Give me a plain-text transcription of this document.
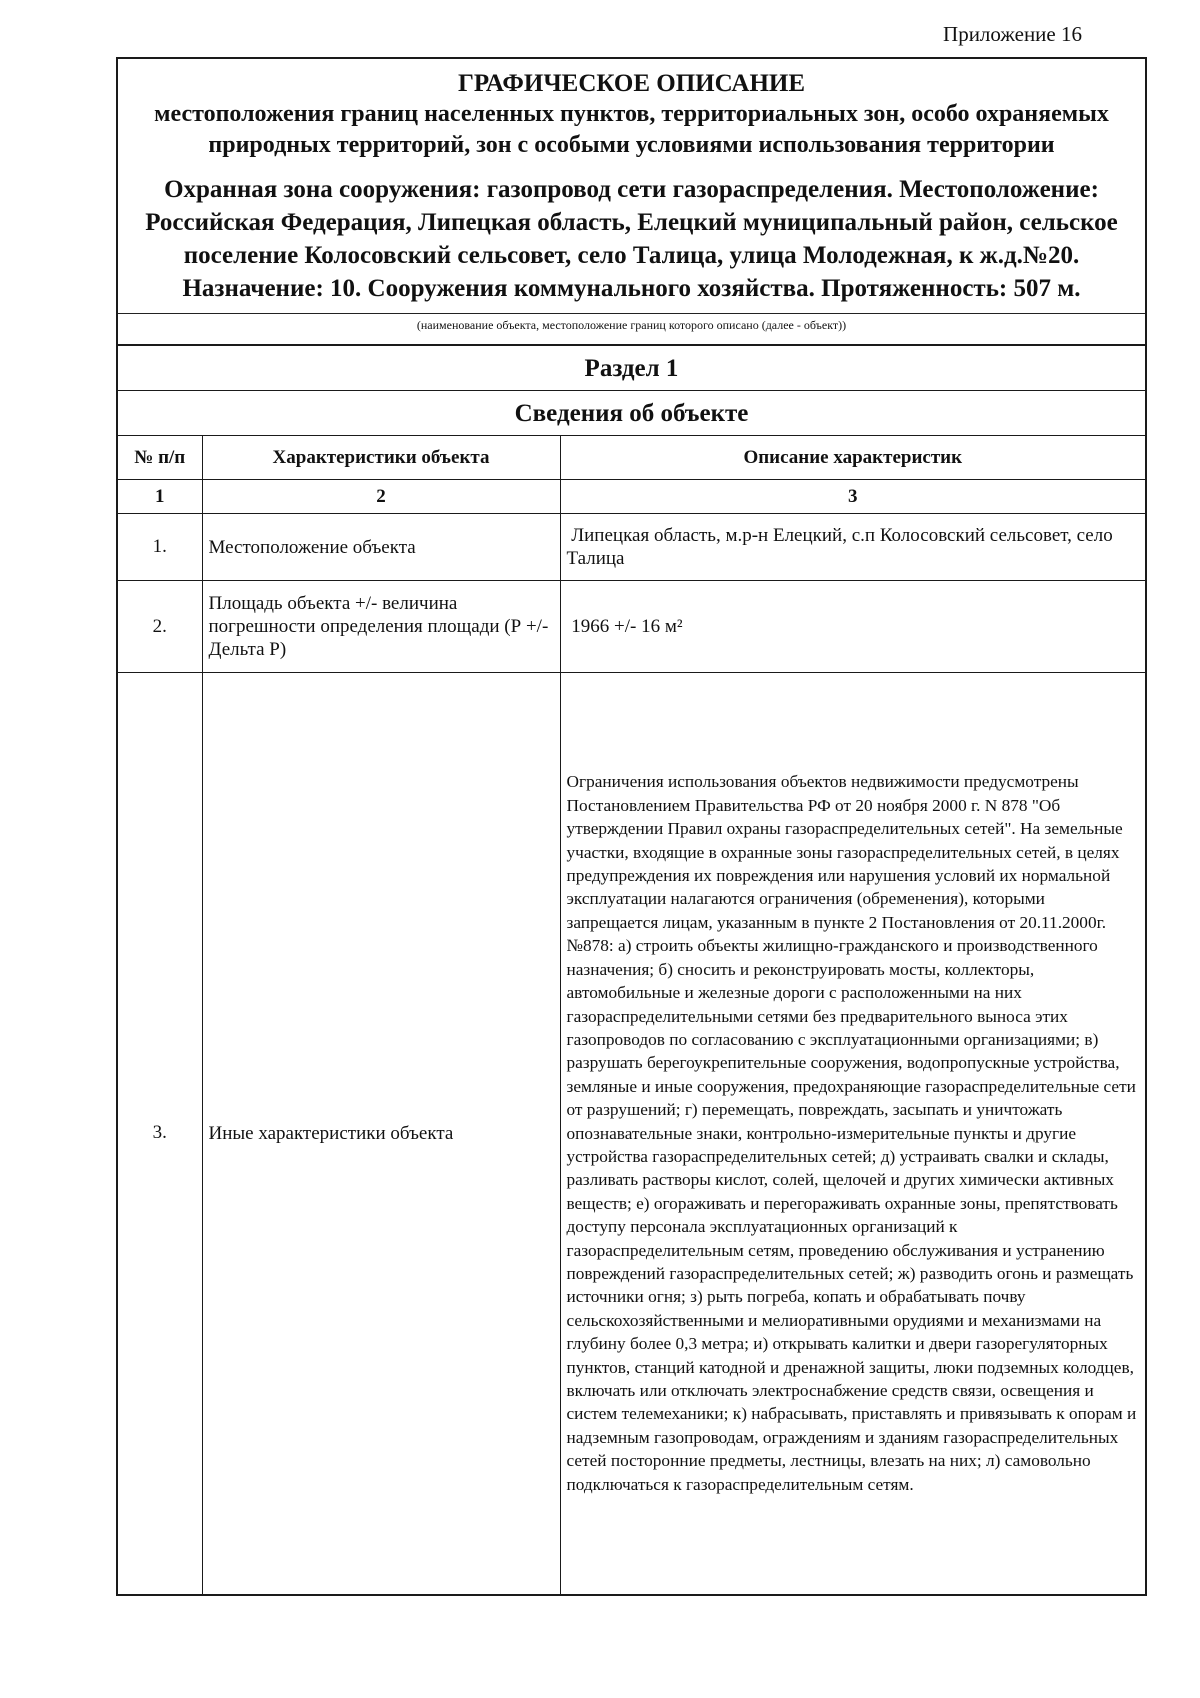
Приложение 16

ГРАФИЧЕСКОЕ ОПИСАНИЕ

местоположения границ населенных пунктов, территориальных зон, особо охраняемых природных территорий, зон с особыми условиями использования территории

Охранная зона сооружения: газопровод сети газораспределения. Местоположение: Российская Федерация, Липецкая область, Елецкий муниципальный район, сельское поселение Колосовский сельсовет, село Талица, улица Молодежная, к ж.д.№20. Назначение: 10. Сооружения коммунального хозяйства. Протяженность: 507 м.

(наименование объекта, местоположение границ которого описано (далее - объект))
Раздел 1
Сведения об объекте
№ п/п	Характеристики объекта	Описание характеристик
1	2	3
1.	Местоположение объекта	Липецкая область, м.р-н Елецкий, с.п Колосовский сельсовет, село Талица
2.	Площадь объекта +/- величина погрешности определения площади (Р +/- Дельта Р)	1966 +/- 16 м²
3.	Иные характеристики объекта	Ограничения использования объектов недвижимости предусмотрены Постановлением Правительства РФ от 20 ноября 2000 г. N 878 "Об утверждении Правил охраны газораспределительных сетей". На земельные участки, входящие в охранные зоны газораспределительных сетей, в целях предупреждения их повреждения или нарушения условий их нормальной эксплуатации налагаются ограничения (обременения), которыми запрещается лицам, указанным в пункте 2 Постановления от 20.11.2000г. №878: а) строить объекты жилищно-гражданского и производственного назначения; б) сносить и реконструировать мосты, коллекторы, автомобильные и железные дороги с расположенными на них газораспределительными сетями без предварительного выноса этих газопроводов по согласованию с эксплуатационными организациями; в) разрушать берегоукрепительные сооружения, водопропускные устройства, земляные и иные сооружения, предохраняющие газораспределительные сети от разрушений; г) перемещать, повреждать, засыпать и уничтожать опознавательные знаки, контрольно-измерительные пункты и другие устройства газораспределительных сетей; д) устраивать свалки и склады, разливать растворы кислот, солей, щелочей и других химически активных веществ; е) огораживать и перегораживать охранные зоны, препятствовать доступу персонала эксплуатационных организаций к газораспределительным сетям, проведению обслуживания и устранению повреждений газораспределительных сетей; ж) разводить огонь и размещать источники огня; з) рыть погреба, копать и обрабатывать почву сельскохозяйственными и мелиоративными орудиями и механизмами на глубину более 0,3 метра; и) открывать калитки и двери газорегуляторных пунктов, станций катодной и дренажной защиты, люки подземных колодцев, включать или отключать электроснабжение средств связи, освещения и систем телемеханики; к) набрасывать, приставлять и привязывать к опорам и надземным газопроводам, ограждениям и зданиям газораспределительных сетей посторонние предметы, лестницы, влезать на них; л) самовольно подключаться к газораспределительным сетям.
